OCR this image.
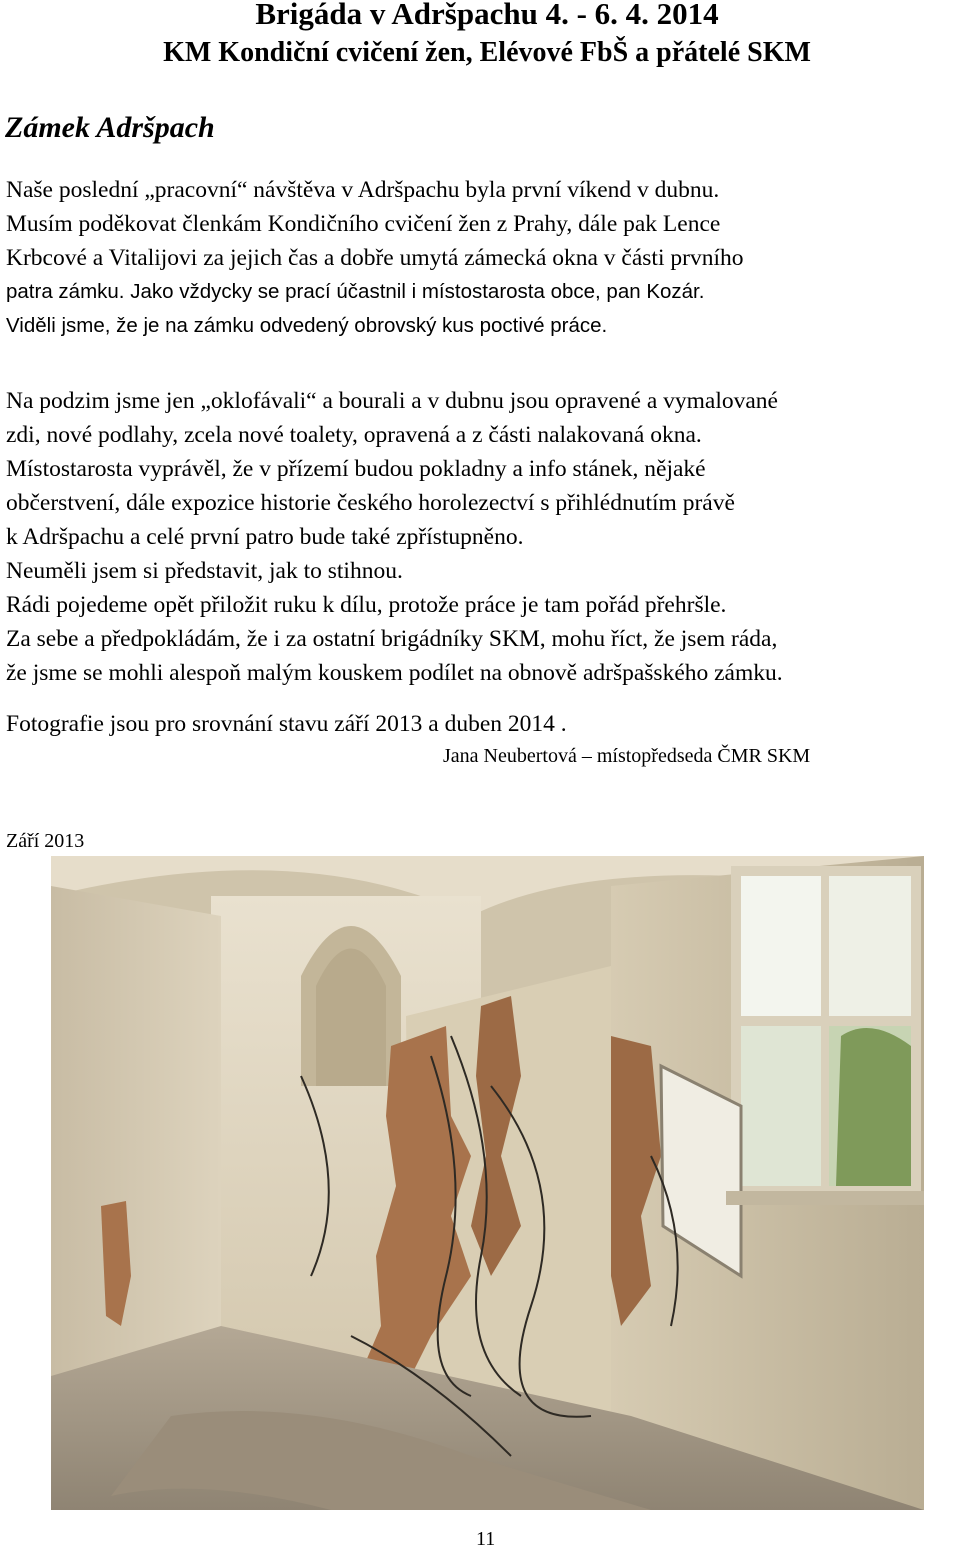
Brigáda v Adršpachu 4. - 6. 4. 2014
KM Kondiční cvičení žen, Elévové FbŠ a přátelé SKM
Zámek Adršpach
Naše poslední „pracovní“ návštěva v Adršpachu byla první víkend v dubnu.
Musím poděkovat členkám Kondičního cvičení žen z Prahy, dále pak Lence
Krbcové a Vitalijovi za jejich čas a dobře umytá zámecká okna v části prvního
patra zámku. Jako vždycky se prací účastnil i místostarosta obce, pan Kozár.
Viděli jsme, že je na zámku odvedený obrovský kus poctivé práce.
Na podzim jsme jen „oklofávali“ a bourali a v dubnu jsou opravené a vymalované
zdi, nové podlahy, zcela nové toalety, opravená a z části nalakovaná okna.
Místostarosta vyprávěl, že v přízemí budou pokladny a info stánek, nějaké
občerstvení, dále expozice historie českého horolezectví s přihlédnutím právě
k Adršpachu a celé první patro bude také zpřístupněno.
Neuměli jsem si představit, jak to stihnou.
Rádi pojedeme opět přiložit ruku k dílu, protože práce je tam pořád přehršle.
Za sebe a předpokládám, že i za ostatní brigádníky SKM, mohu říct, že jsem ráda,
že jsme se mohli alespoň malým kouskem podílet na obnově adršpašského zámku.

Fotografie jsou pro srovnání stavu září 2013 a duben 2014 .

Jana Neubertová – místopředseda ČMR SKM

Září 2013

11
